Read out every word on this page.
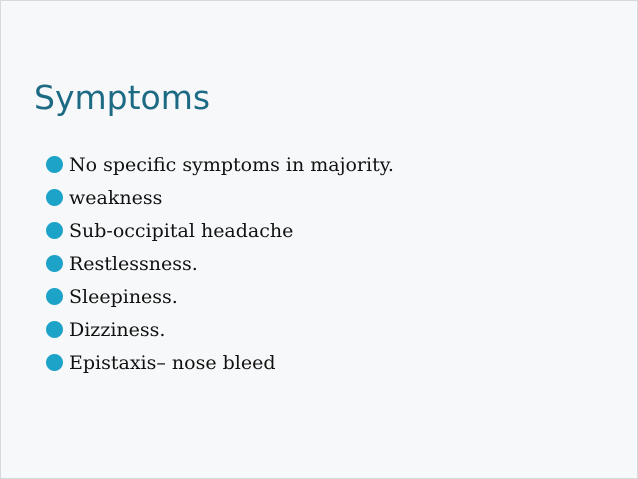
Symptoms
No specific symptoms in majority.
weakness
Sub-occipital headache
Restlessness.
Sleepiness.
Dizziness.
Epistaxis– nose bleed
